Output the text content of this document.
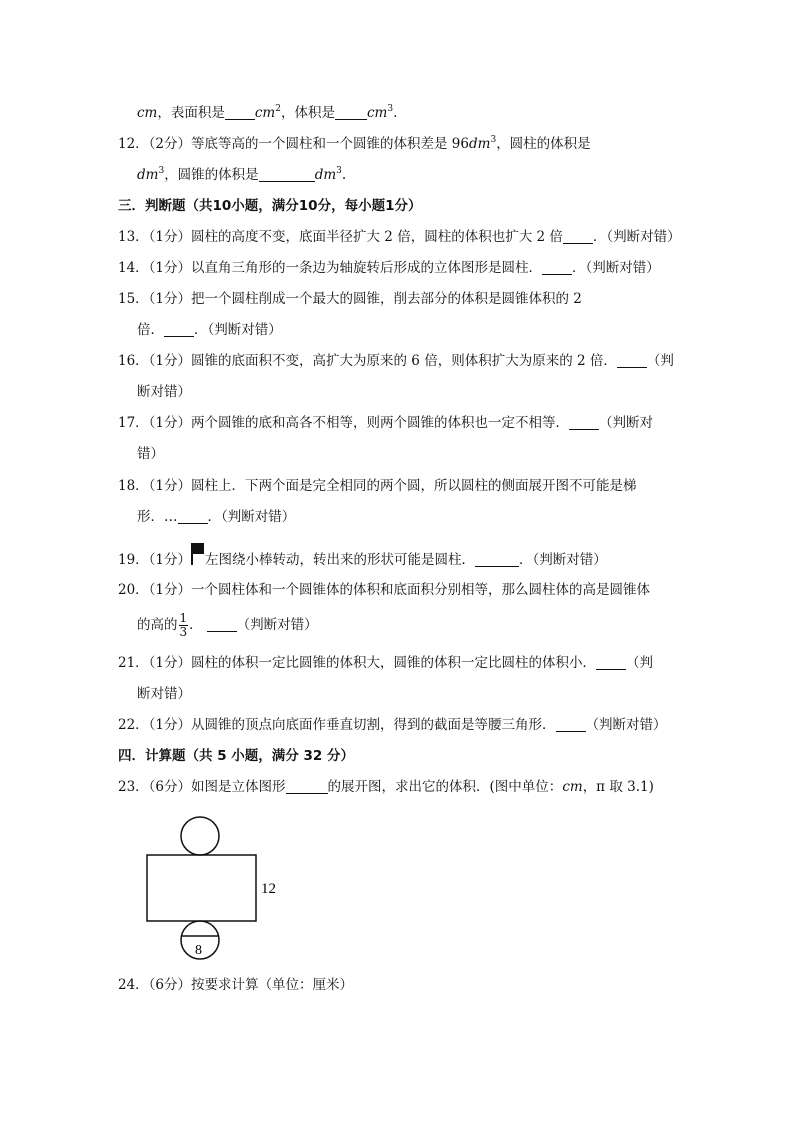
cm，表面积是 $cm^2$，体积是 $cm^3$.
12．（2分）等底等高的一个圆柱和一个圆锥的体积差是 $96dm^3$，圆柱的体积是
$dm^3$，圆锥的体积是	$dm^3$.
三．判断题（共10小题，满分10分，每小题1分）
13．（1分）圆柱的高度不变，底面半径扩大 2 倍，圆柱的体积也扩大 2 倍 ．（判断对错）
14．（1分）以直角三角形的一条边为轴旋转后形成的立体图形是圆柱． ．（判断对错）
15．（1分）把一个圆柱削成一个最大的圆锥，削去部分的体积是圆锥体积的 2
倍． ．（判断对错）
16．（1分）圆锥的底面积不变，高扩大为原来的 6 倍，则体积扩大为原来的 2 倍． （判
断对错）
17．（1分）两个圆锥的底和高各不相等，则两个圆锥的体积也一定不相等． （判断对
错）
18．（1分）圆柱上．下两个面是完全相同的两个圆，所以圆柱的侧面展开图不可能是梯
形．… ．（判断对错）
19．（1分） 左图绕小棒转动，转出来的形状可能是圆柱．	．（判断对错）
20．（1分）一个圆柱体和一个圆锥体的体积和底面积分别相等，那么圆柱体的高是圆锥体
的高的 $\frac{1}{3}$ ．	（判断对错）
21．（1分）圆柱的体积一定比圆锥的体积大，圆锥的体积一定比圆柱的体积小． （判
断对错）
22．（1分）从圆锥的顶点向底面作垂直切割，得到的截面是等腰三角形． （判断对错）
四．计算题（共 5 小题，满分 32 分）
23．（6分）如图是立体图形	的展开图，求出它的体积．(图中单位：cm，π 取 3.1)
12
8
24．（6分）按要求计算（单位：厘米）
